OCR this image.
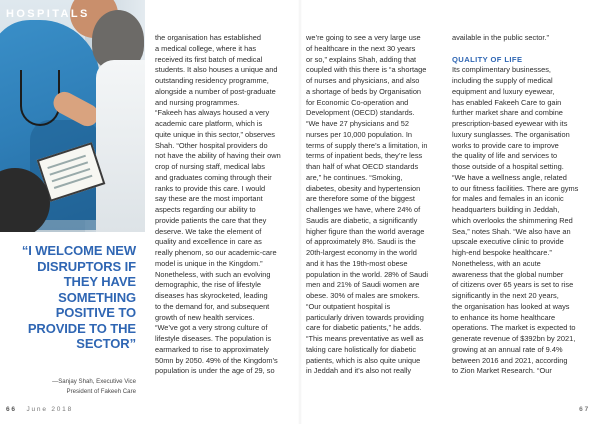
HOSPITALS
“I WELCOME NEW DISRUPTORS IF THEY HAVE SOMETHING POSITIVE TO PROVIDE TO THE SECTOR”
—Sanjay Shah, Executive Vice
President of Fakeeh Care

the organisation has established
a medical college, where it has
received its first batch of medical
students. It also houses a unique and
outstanding residency programme,
alongside a number of post-graduate
and nursing programmes.
“Fakeeh has always housed a very
academic care platform, which is
quite unique in this sector,” observes
Shah. “Other hospital providers do
not have the ability of having their own
crop of nursing staff, medical labs
and graduates coming through their
ranks to provide this care. I would
say these are the most important
aspects regarding our ability to
provide patients the care that they
deserve. We take the element of
quality and excellence in care as
really phenom, so our academic-care
model is unique in the Kingdom.”
Nonetheless, with such an evolving
demographic, the rise of lifestyle
diseases has skyrocketed, leading
to the demand for, and subsequent
growth of new health services.
“We’ve got a very strong culture of
lifestyle diseases. The population is
earmarked to rise to approximately
50mn by 2050. 49% of the Kingdom’s
population is under the age of 29, so

we’re going to see a very large use
of healthcare in the next 30 years
or so,” explains Shah, adding that
coupled with this there is “a shortage
of nurses and physicians, and also
a shortage of beds by Organisation
for Economic Co-operation and
Development (OECD) standards.
“We have 27 physicians and 52
nurses per 10,000 population. In
terms of supply there’s a limitation, in
terms of inpatient beds, they’re less
than half of what OECD standards
are,” he continues. “Smoking,
diabetes, obesity and hypertension
are therefore some of the biggest
challenges we have, where 24% of
Saudis are diabetic, a significantly
higher figure than the world average
of approximately 8%. Saudi is the
20th-largest economy in the world
and it has the 19th-most obese
population in the world. 28% of Saudi
men and 21% of Saudi women are
obese. 30% of males are smokers.
“Our outpatient hospital is
particularly driven towards providing
care for diabetic patients,” he adds.
“This means preventative as well as
taking care holistically for diabetic
patients, which is also quite unique
in Jeddah and it’s also not really

available in the public sector.”

QUALITY OF LIFE

Its complimentary businesses,
including the supply of medical
equipment and luxury eyewear,
has enabled Fakeeh Care to gain
further market share and combine
prescription-based eyewear with its
luxury sunglasses. The organisation
works to provide care to improve
the quality of life and services to
those outside of a hospital setting.
“We have a wellness angle, related
to our fitness facilities. There are gyms
for males and females in an iconic
headquarters building in Jeddah,
which overlooks the shimmering Red
Sea,” notes Shah. “We also have an
upscale executive clinic to provide
high-end bespoke healthcare.”
Nonetheless, with an acute
awareness that the global number
of citizens over 65 years is set to rise
significantly in the next 20 years,
the organisation has looked at ways
to enhance its home healthcare
operations. The market is expected to
generate revenue of $392bn by 2021,
growing at an annual rate of 9.4%
between 2016 and 2021, according
to Zion Market Research. “Our

66 June 2018	67
